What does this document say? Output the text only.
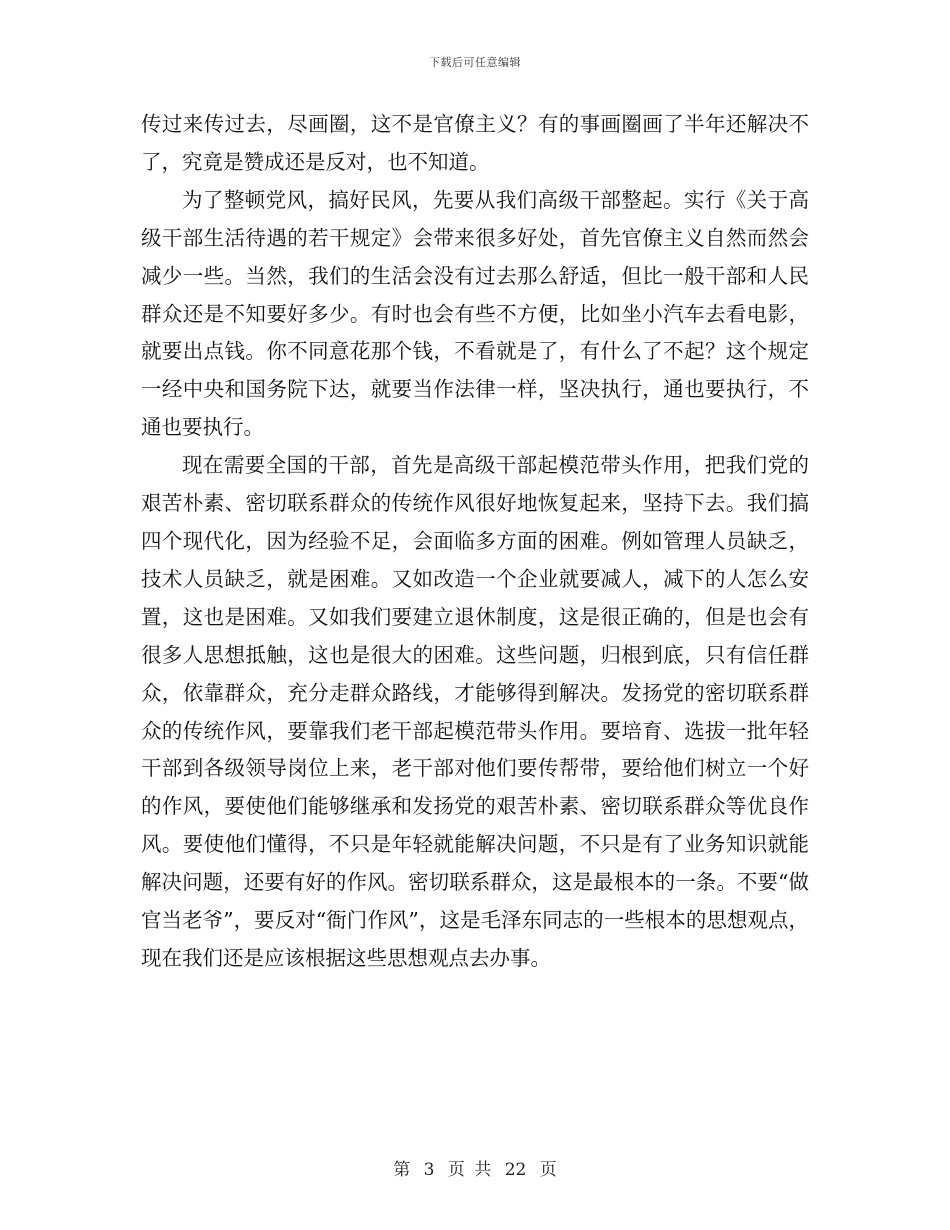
下载后可任意编辑

传过来传过去，尽画圈，这不是官僚主义？有的事画圈画了半年还解决不了，究竟是赞成还是反对，也不知道。

为了整顿党风，搞好民风，先要从我们高级干部整起。实行《关于高级干部生活待遇的若干规定》会带来很多好处，首先官僚主义自然而然会减少一些。当然，我们的生活会没有过去那么舒适，但比一般干部和人民群众还是不知要好多少。有时也会有些不方便，比如坐小汽车去看电影，就要出点钱。你不同意花那个钱，不看就是了，有什么了不起？这个规定一经中央和国务院下达，就要当作法律一样，坚决执行，通也要执行，不通也要执行。

现在需要全国的干部，首先是高级干部起模范带头作用，把我们党的艰苦朴素、密切联系群众的传统作风很好地恢复起来，坚持下去。我们搞四个现代化，因为经验不足，会面临多方面的困难。例如管理人员缺乏，技术人员缺乏，就是困难。又如改造一个企业就要减人，减下的人怎么安置，这也是困难。又如我们要建立退休制度，这是很正确的，但是也会有很多人思想抵触，这也是很大的困难。这些问题，归根到底，只有信任群众，依靠群众，充分走群众路线，才能够得到解决。发扬党的密切联系群众的传统作风，要靠我们老干部起模范带头作用。要培育、选拔一批年轻干部到各级领导岗位上来，老干部对他们要传帮带，要给他们树立一个好的作风，要使他们能够继承和发扬党的艰苦朴素、密切联系群众等优良作风。要使他们懂得，不只是年轻就能解决问题，不只是有了业务知识就能解决问题，还要有好的作风。密切联系群众，这是最根本的一条。不要“做官当老爷”，要反对“衙门作风”，这是毛泽东同志的一些根本的思想观点，现在我们还是应该根据这些思想观点去办事。

第 3 页 共 22 页
